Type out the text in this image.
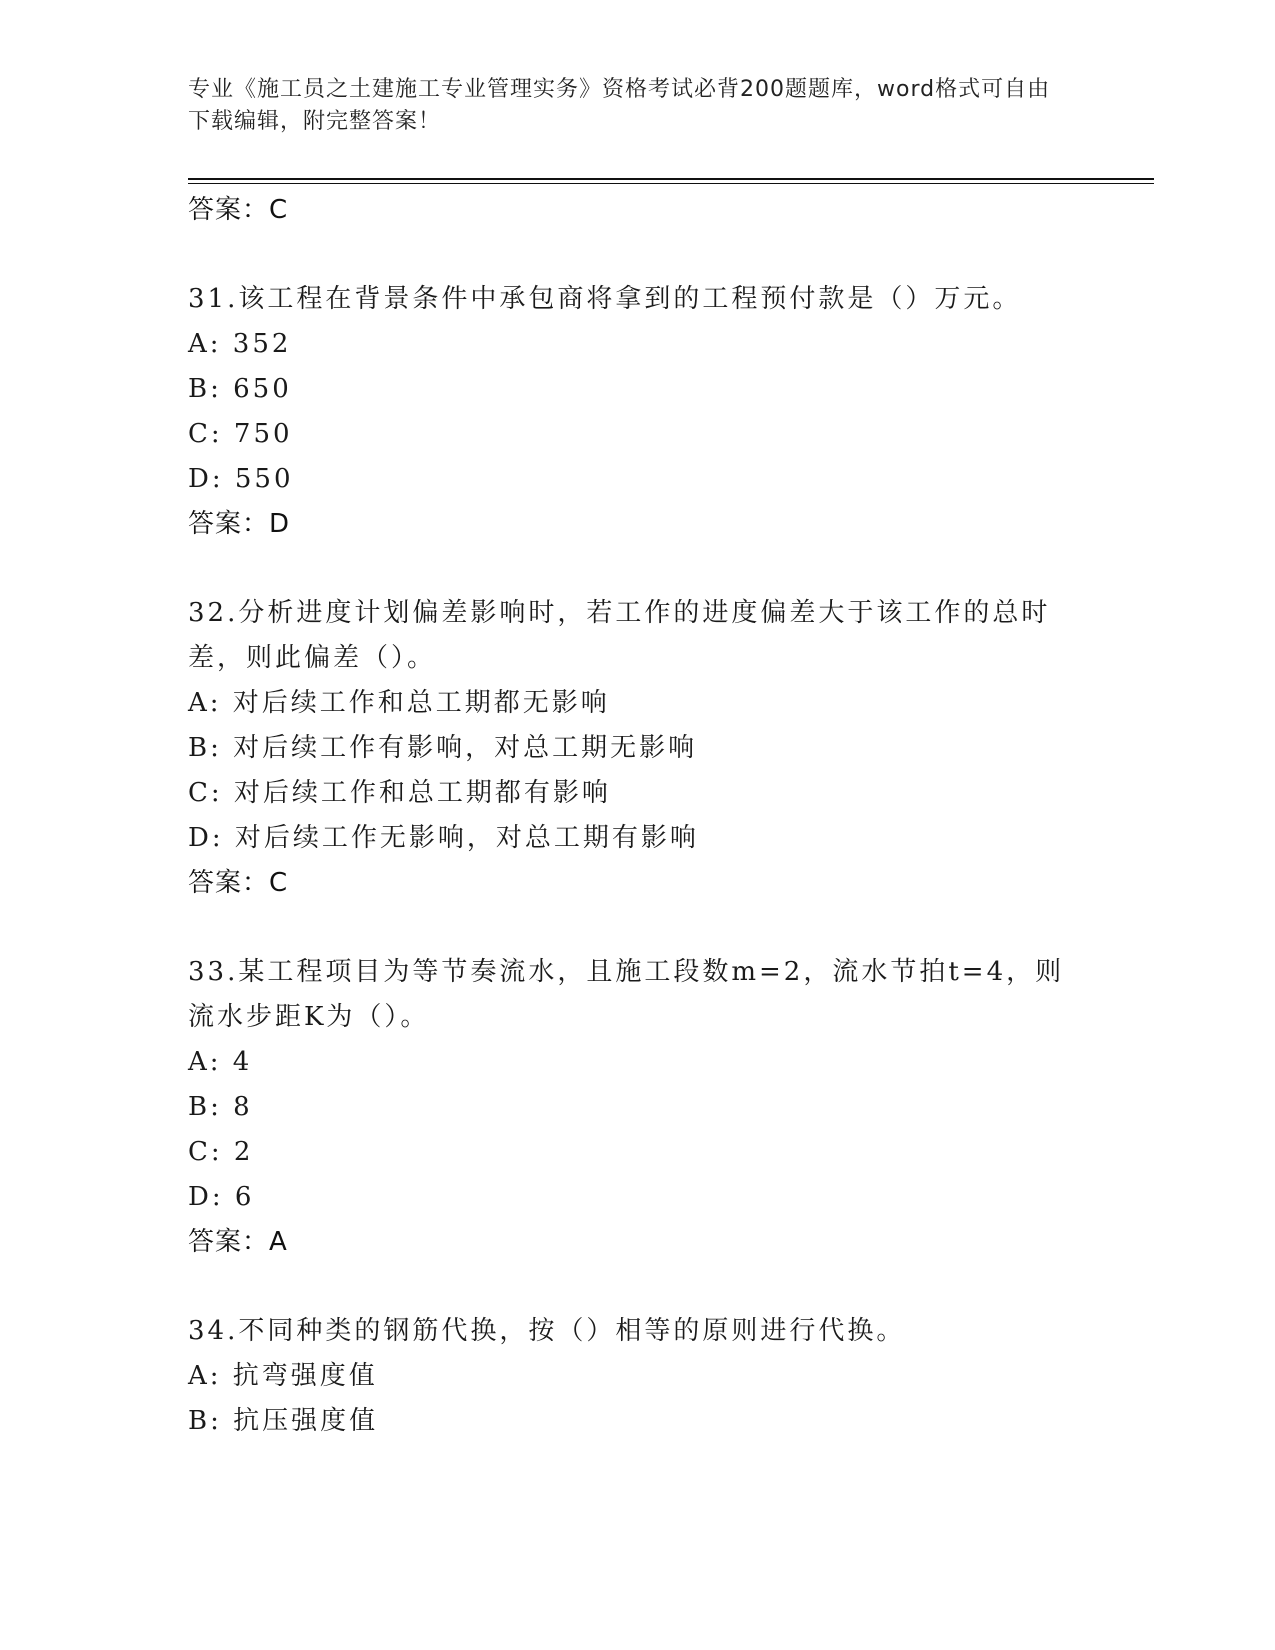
专业《施工员之土建施工专业管理实务》资格考试必背200题题库，word格式可自由下载编辑，附完整答案！
答案：C
31.该工程在背景条件中承包商将拿到的工程预付款是（）万元。
A: 352
B: 650
C: 750
D: 550
答案：D
32.分析进度计划偏差影响时，若工作的进度偏差大于该工作的总时差，则此偏差（）。
A: 对后续工作和总工期都无影响
B: 对后续工作有影响，对总工期无影响
C: 对后续工作和总工期都有影响
D: 对后续工作无影响，对总工期有影响
答案：C
33.某工程项目为等节奏流水，且施工段数m=2，流水节拍t=4，则流水步距K为（）。
A: 4
B: 8
C: 2
D: 6
答案：A
34.不同种类的钢筋代换，按（）相等的原则进行代换。
A: 抗弯强度值
B: 抗压强度值
